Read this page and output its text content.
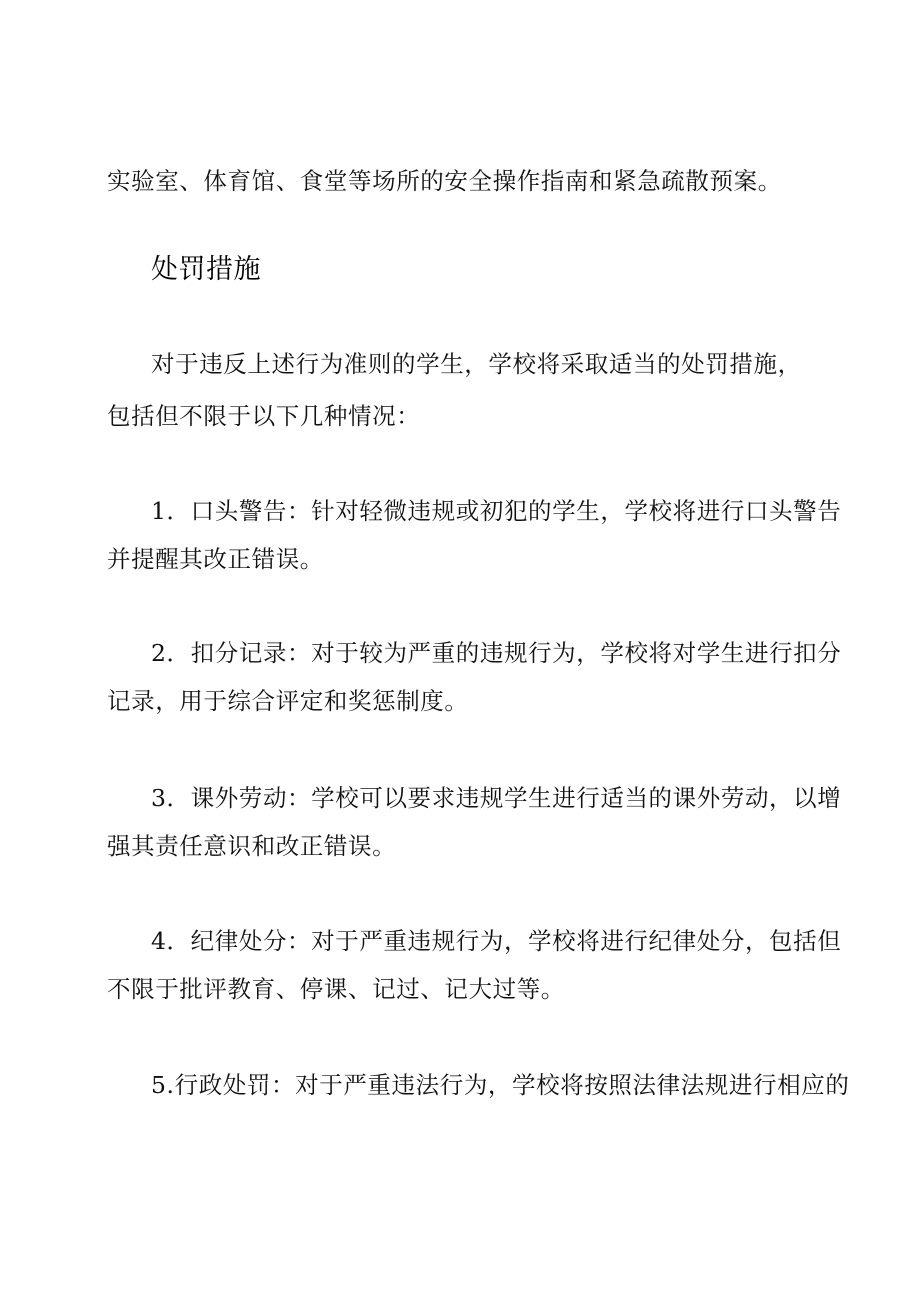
实验室、体育馆、食堂等场所的安全操作指南和紧急疏散预案。
处罚措施
对于违反上述行为准则的学生，学校将采取适当的处罚措施，
包括但不限于以下几种情况：
1．口头警告：针对轻微违规或初犯的学生，学校将进行口头警告
并提醒其改正错误。
2．扣分记录：对于较为严重的违规行为，学校将对学生进行扣分
记录，用于综合评定和奖惩制度。
3．课外劳动：学校可以要求违规学生进行适当的课外劳动，以增
强其责任意识和改正错误。
4．纪律处分：对于严重违规行为，学校将进行纪律处分，包括但
不限于批评教育、停课、记过、记大过等。
5.行政处罚：对于严重违法行为，学校将按照法律法规进行相应的
